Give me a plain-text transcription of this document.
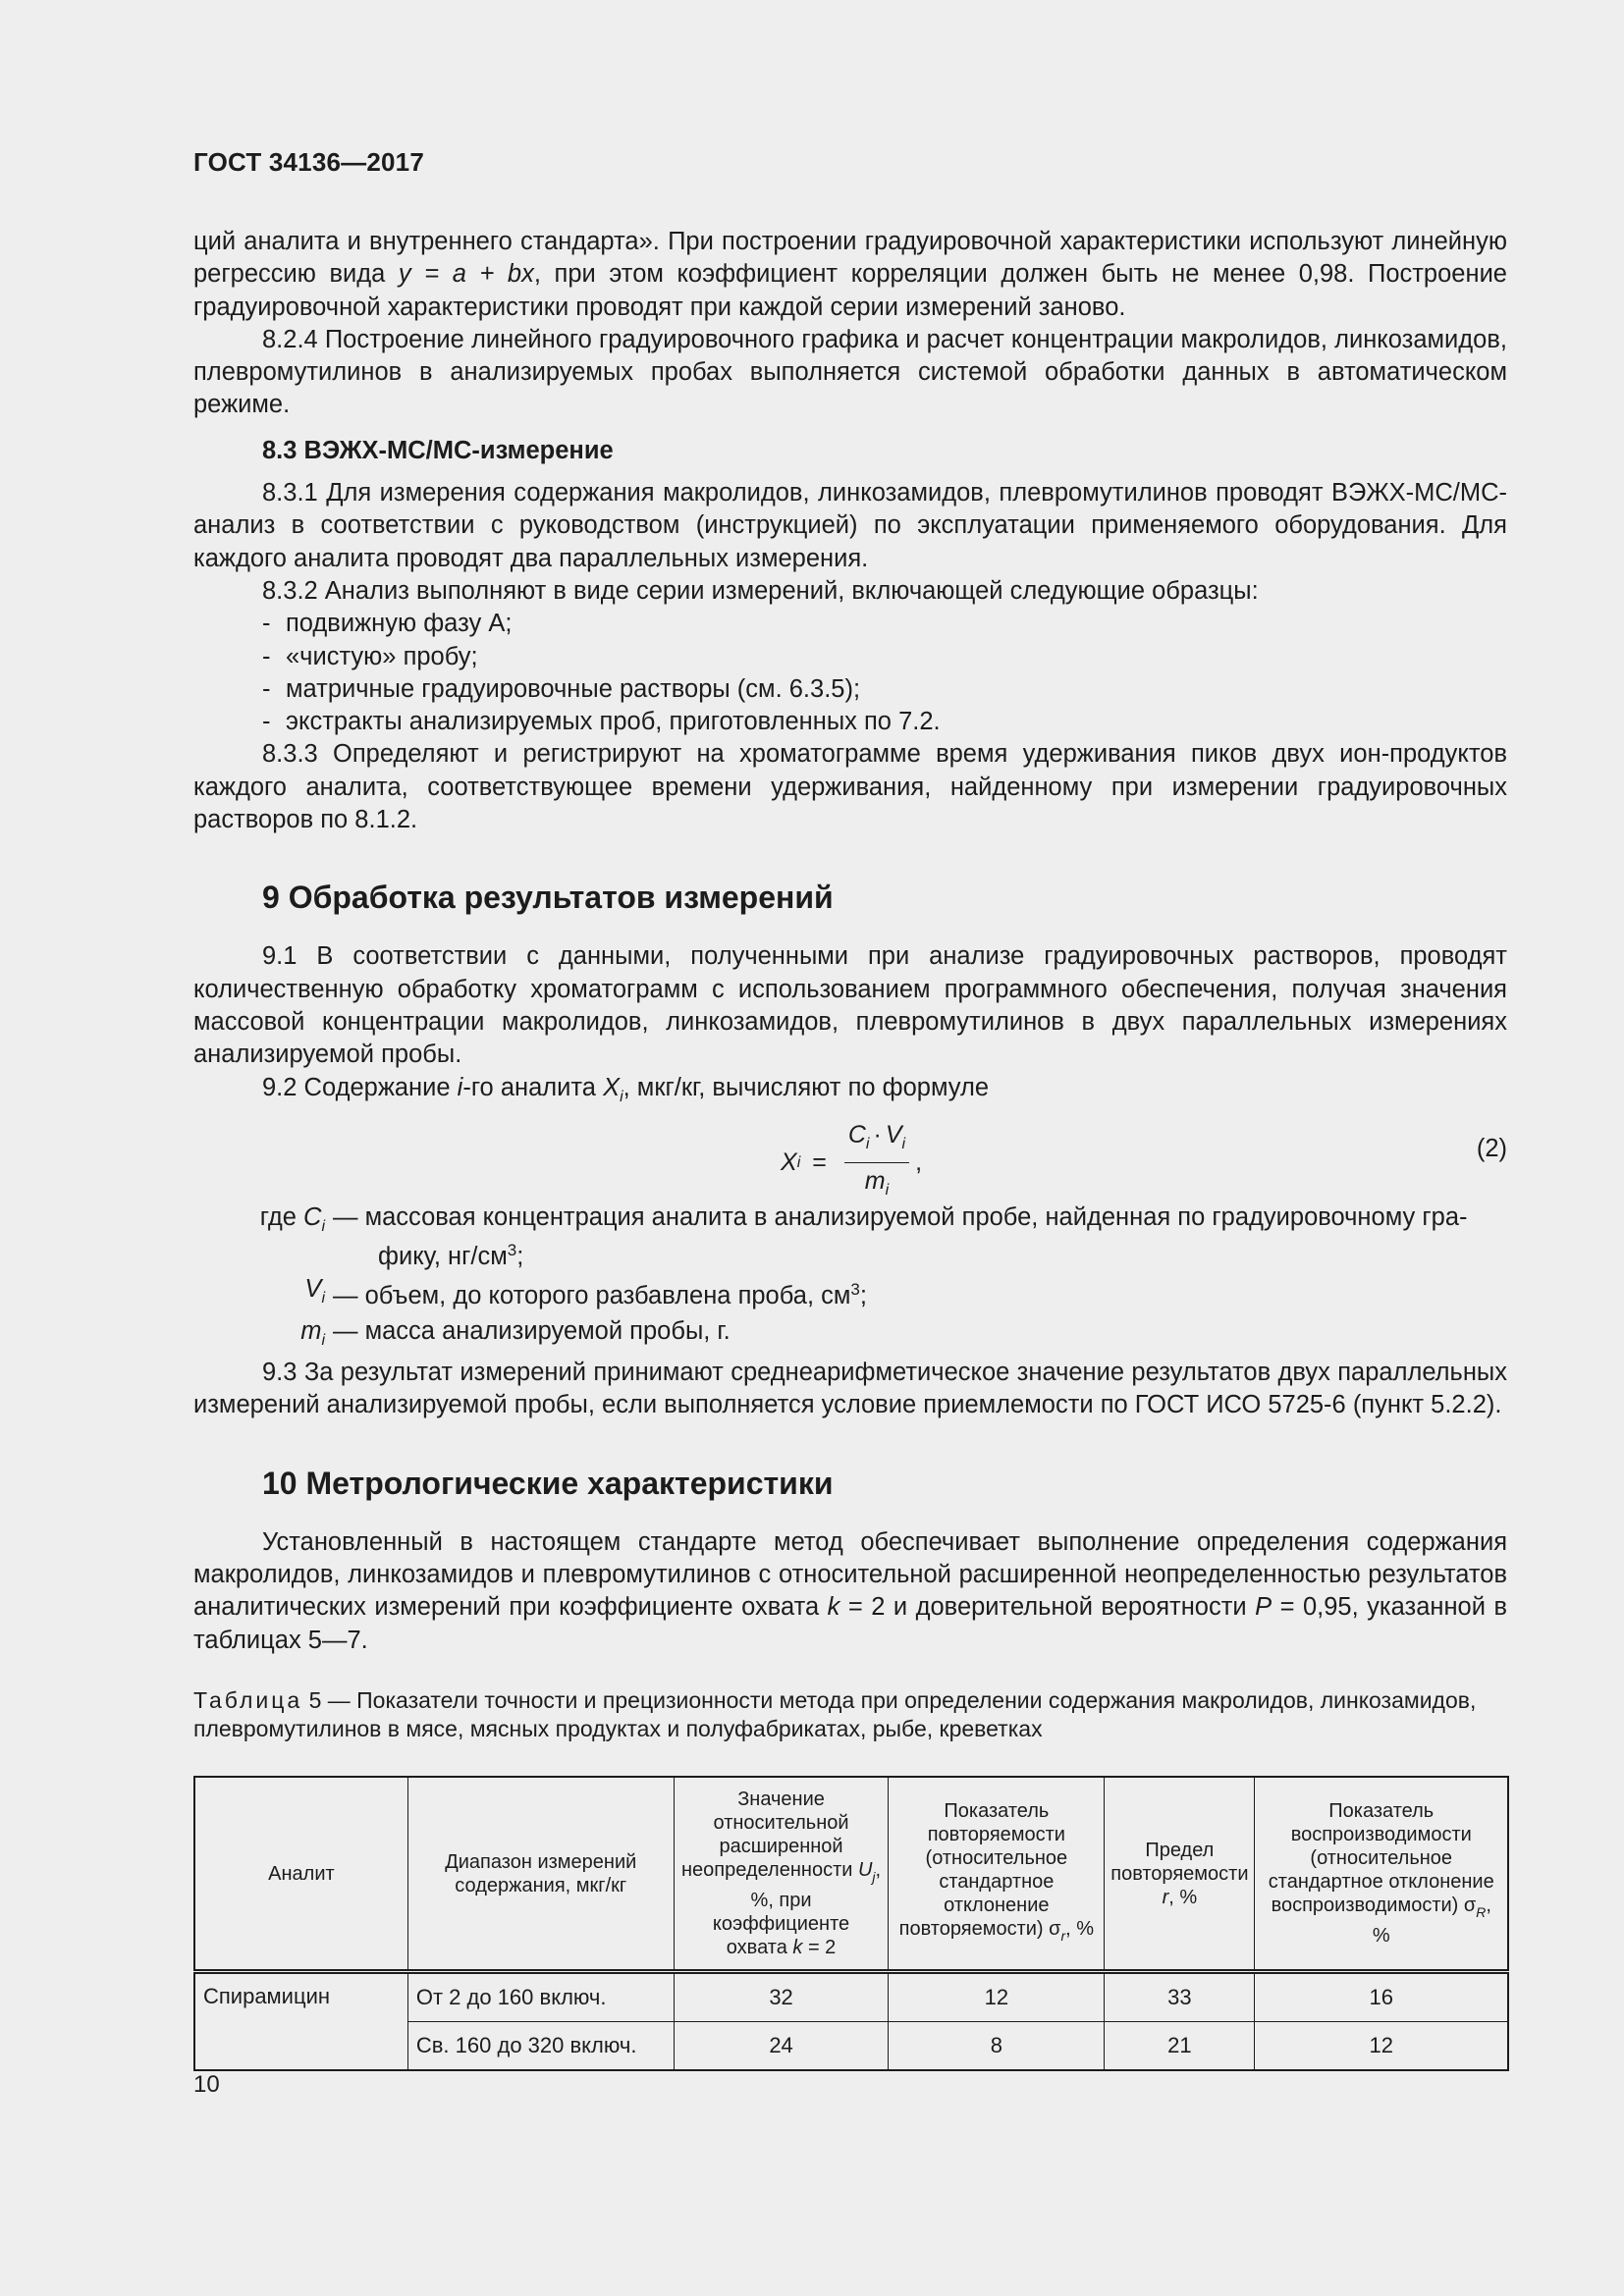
ГОСТ 34136—2017

ций аналита и внутреннего стандарта». При построении градуировочной характеристики используют линейную регрессию вида y = a + bx, при этом коэффициент корреляции должен быть не менее 0,98. Построение градуировочной характеристики проводят при каждой серии измерений заново.

8.2.4 Построение линейного градуировочного графика и расчет концентрации макролидов, линкозамидов, плевромутилинов в анализируемых пробах выполняется системой обработки данных в автоматическом режиме.

8.3 ВЭЖХ-МС/МС-измерение

8.3.1 Для измерения содержания макролидов, линкозамидов, плевромутилинов проводят ВЭЖХ-МС/МС-анализ в соответствии с руководством (инструкцией) по эксплуатации применяемого оборудования. Для каждого аналита проводят два параллельных измерения.

8.3.2 Анализ выполняют в виде серии измерений, включающей следующие образцы:

- подвижную фазу А;

- «чистую» пробу;

- матричные градуировочные растворы (см. 6.3.5);

- экстракты анализируемых проб, приготовленных по 7.2.

8.3.3 Определяют и регистрируют на хроматограмме время удерживания пиков двух ион-продуктов каждого аналита, соответствующее времени удерживания, найденному при измерении градуировочных растворов по 8.1.2.

9 Обработка результатов измерений

9.1 В соответствии с данными, полученными при анализе градуировочных растворов, проводят количественную обработку хроматограмм с использованием программного обеспечения, получая значения массовой концентрации макролидов, линкозамидов, плевромутилинов в двух параллельных измерениях анализируемой пробы.

9.2 Содержание i-го аналита $X_i$, мкг/кг, вычисляют по формуле

X $i = \frac{C_i \cdot V_i}{m_i}$ ,
(2)

где $C_i$ — массовая концентрация аналита в анализируемой пробе, найденная по градуировочному гра-
фику, $нг/см^3$;

$V_i$ — объем, до которого разбавлена проба, $см^3$;

$m_i$ — масса анализируемой пробы, г.

9.3 За результат измерений принимают среднеарифметическое значение результатов двух параллельных измерений анализируемой пробы, если выполняется условие приемлемости по ГОСТ ИСО 5725-6 (пункт 5.2.2).

10 Метрологические характеристики

Установленный в настоящем стандарте метод обеспечивает выполнение определения содержания макролидов, линкозамидов и плевромутилинов с относительной расширенной неопределенностью результатов аналитических измерений при коэффициенте охвата k = 2 и доверительной вероятности P = 0,95, указанной в таблицах 5—7.

Таблица 5 — Показатели точности и прецизионности метода при определении содержания макролидов, линкозамидов, плевромутилинов в мясе, мясных продуктах и полуфабрикатах, рыбе, креветках

Аналит	Диапазон измерений содержания, мкг/кг	Значение относительной расширенной неопределенности $U_j$, %, при коэффициенте охвата k = 2	Показатель повторяемости (относительное стандартное отклонение повторяемости) $\sigma_r$, %	Предел повторяемости r, %	Показатель воспроизводимости (относительное стандартное отклонение воспроизводимости) $\sigma_R$, %
Спирамицин	От 2 до 160 включ.	32	12	33	16
	Св. 160 до 320 включ.	24	8	21	12
10
